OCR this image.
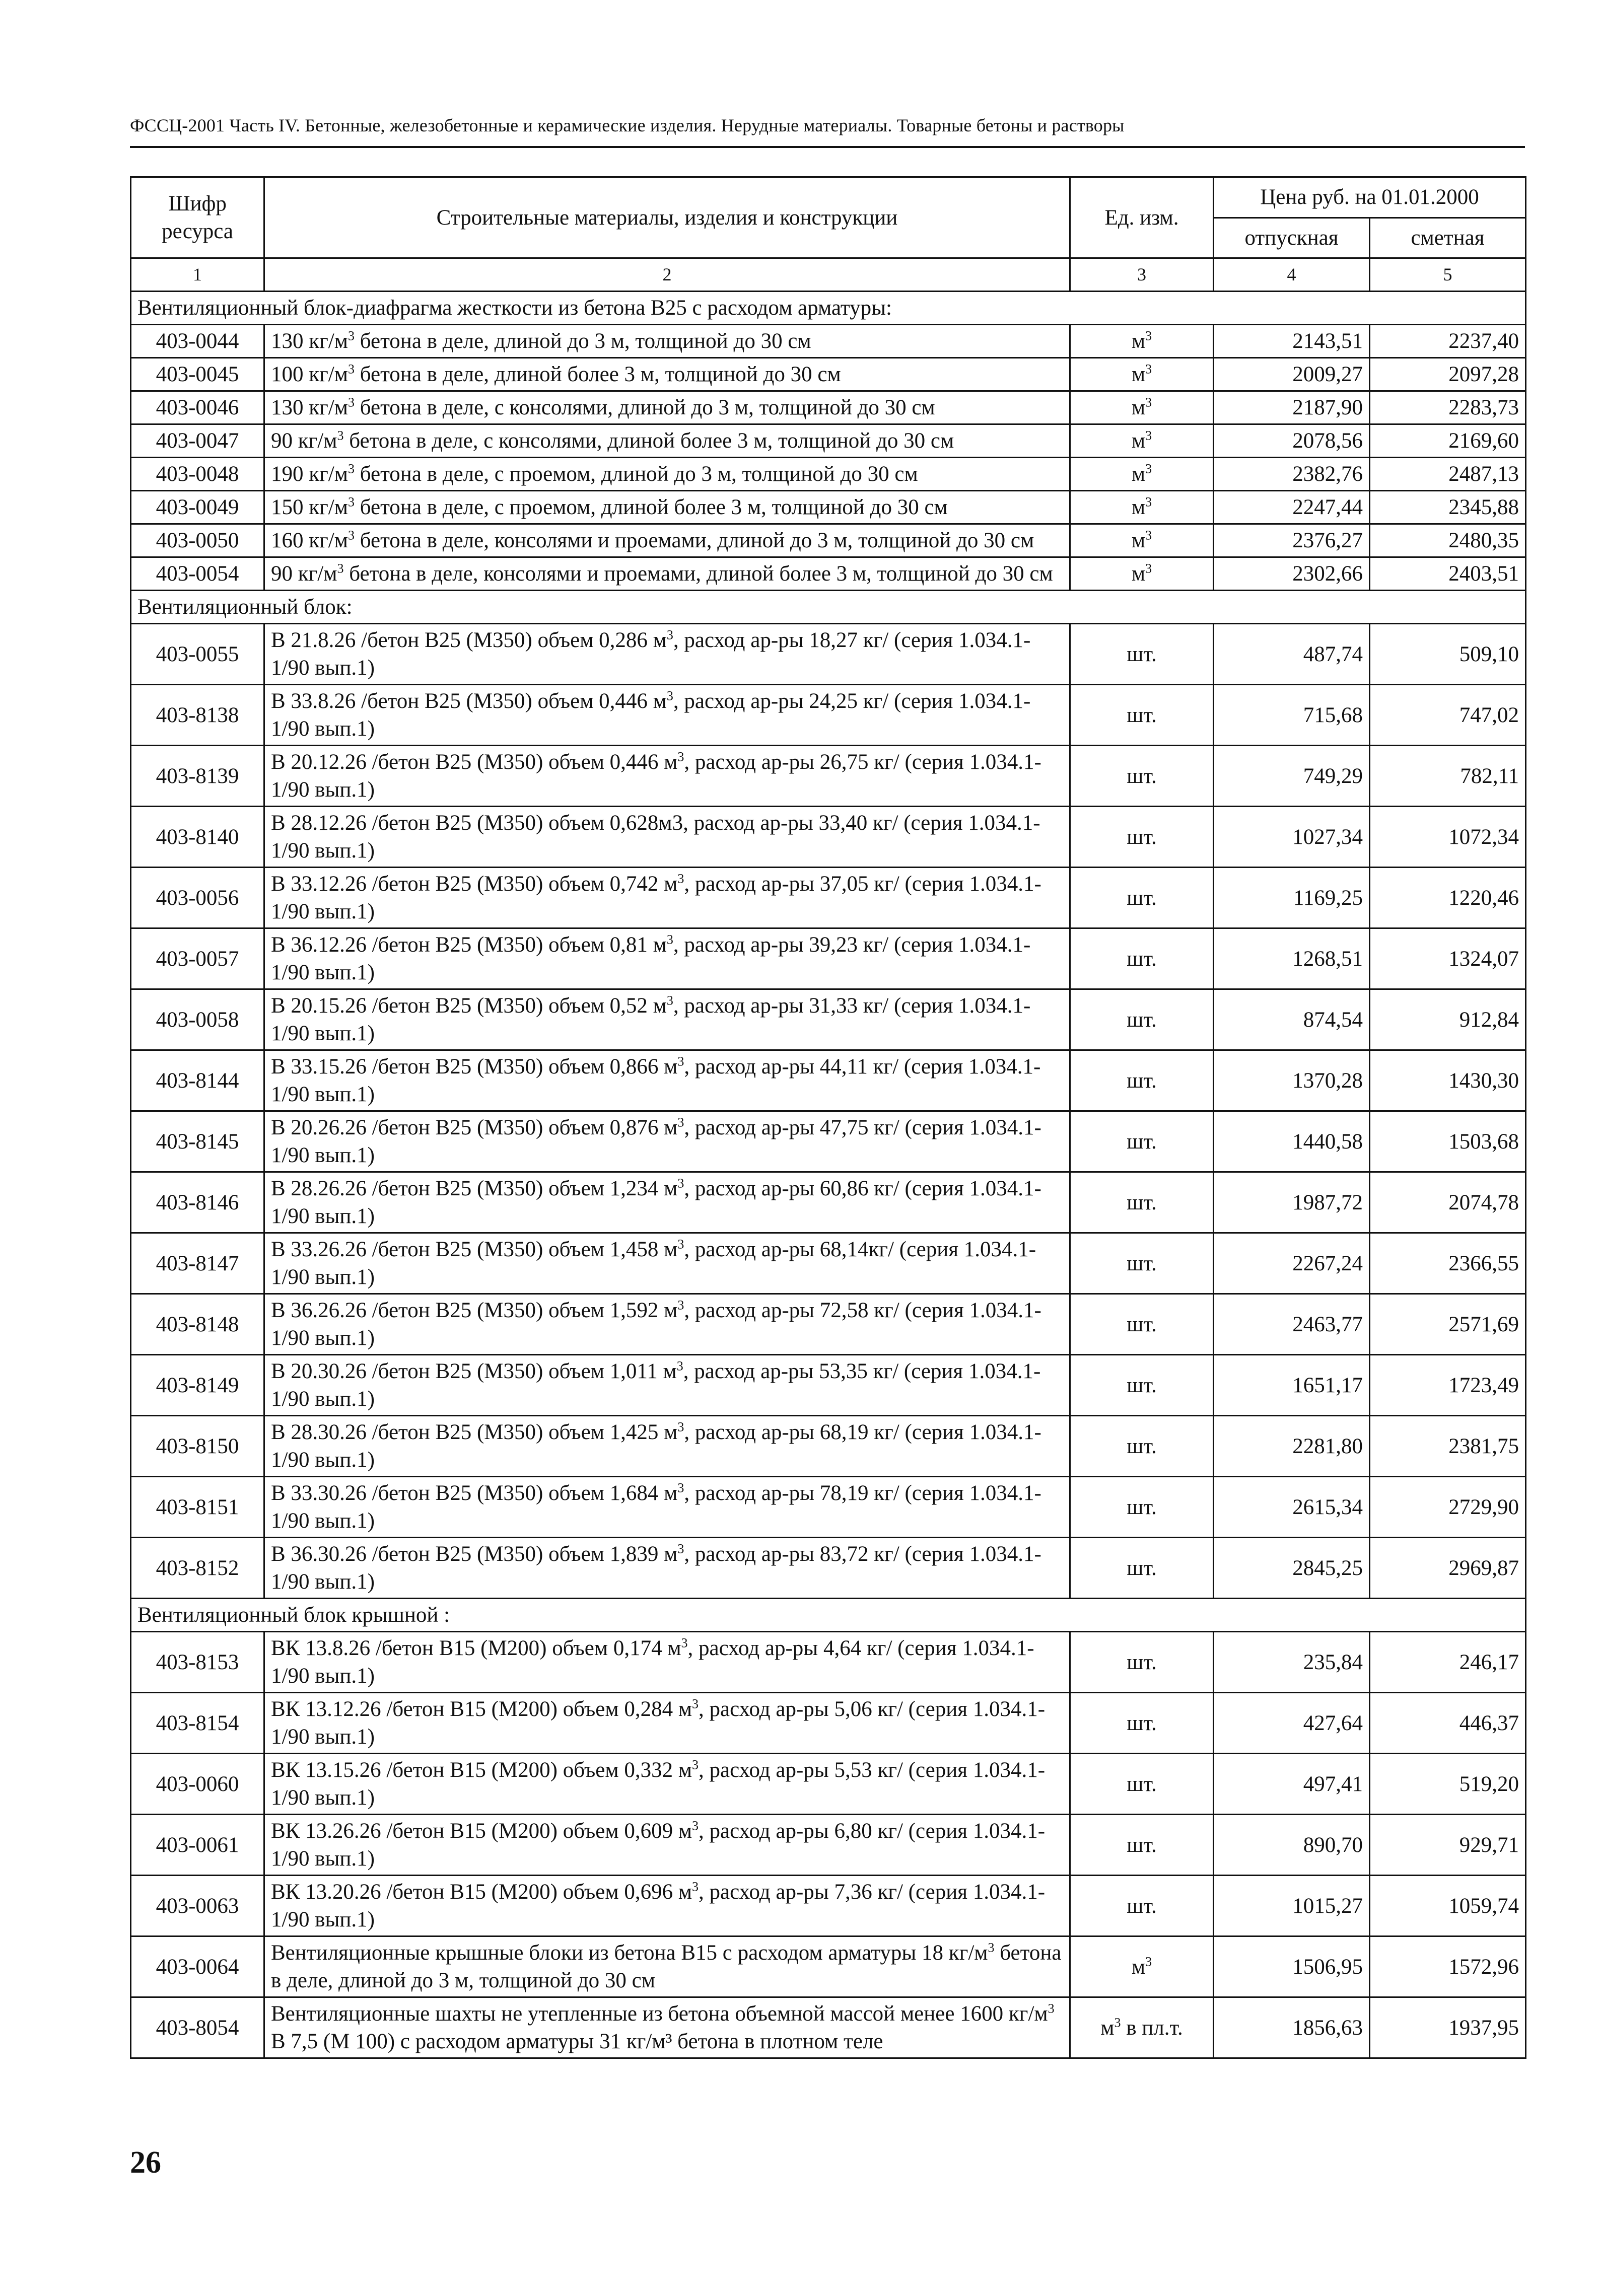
ФССЦ-2001 Часть IV. Бетонные, железобетонные и керамические изделия. Нерудные материалы. Товарные бетоны и растворы
Шифр ресурса	Строительные материалы, изделия и конструкции	Ед. изм.	Цена руб. на 01.01.2000	
			отпускная	сметная
1	2	3	4	5
Вентиляционный блок-диафрагма жесткости из бетона В25 с расходом арматуры:				
403-0044	130 $кг/м^3$ бетона в деле, длиной до 3 м, толщиной до 30 см	$м^3$	2143,51	2237,40
403-0045	100 $кг/м^3$ бетона в деле, длиной более 3 м, толщиной до 30 см	$м^3$	2009,27	2097,28
403-0046	130 $кг/м^3$ бетона в деле, с консолями, длиной до 3 м, толщиной до 30 см	$м^3$	2187,90	2283,73
403-0047	90 $кг/м^3$ бетона в деле, с консолями, длиной более 3 м, толщиной до 30 см	$м^3$	2078,56	2169,60
403-0048	190 $кг/м^3$ бетона в деле, с проемом, длиной до 3 м, толщиной до 30 см	$м^3$	2382,76	2487,13
403-0049	150 $кг/м^3$ бетона в деле, с проемом, длиной более 3 м, толщиной до 30 см	$м^3$	2247,44	2345,88
403-0050	160 $кг/м^3$ бетона в деле, консолями и проемами, длиной до 3 м, толщиной до 30 см	$м^3$	2376,27	2480,35
403-0054	90 $кг/м^3$ бетона в деле, консолями и проемами, длиной более 3 м, толщиной до 30 см	$м^3$	2302,66	2403,51
Вентиляционный блок:				
403-0055	В 21.8.26 /бетон В25 (М350) объем 0,286 $м^3$, расход ар-ры 18,27 кг/ (серия 1.034.1-1/90 вып.1)	шт.	487,74	509,10
403-8138	В 33.8.26 /бетон В25 (М350) объем 0,446 $м^3$, расход ар-ры 24,25 кг/ (серия 1.034.1-1/90 вып.1)	шт.	715,68	747,02
403-8139	В 20.12.26 /бетон В25 (М350) объем 0,446 $м^3$, расход ар-ры 26,75 кг/ (серия 1.034.1-1/90 вып.1)	шт.	749,29	782,11
403-8140	В 28.12.26 /бетон В25 (М350) объем 0,628м3, расход ар-ры 33,40 кг/ (серия 1.034.1-1/90 вып.1)	шт.	1027,34	1072,34
403-0056	В 33.12.26 /бетон В25 (М350) объем 0,742 $м^3$, расход ар-ры 37,05 кг/ (серия 1.034.1-1/90 вып.1)	шт.	1169,25	1220,46
403-0057	В 36.12.26 /бетон В25 (М350) объем 0,81 $м^3$, расход ар-ры 39,23 кг/ (серия 1.034.1-1/90 вып.1)	шт.	1268,51	1324,07
403-0058	В 20.15.26 /бетон В25 (М350) объем 0,52 $м^3$, расход ар-ры 31,33 кг/ (серия 1.034.1-1/90 вып.1)	шт.	874,54	912,84
403-8144	В 33.15.26 /бетон В25 (М350) объем 0,866 $м^3$, расход ар-ры 44,11 кг/ (серия 1.034.1-1/90 вып.1)	шт.	1370,28	1430,30
403-8145	В 20.26.26 /бетон В25 (М350) объем 0,876 $м^3$, расход ар-ры 47,75 кг/ (серия 1.034.1-1/90 вып.1)	шт.	1440,58	1503,68
403-8146	В 28.26.26 /бетон В25 (М350) объем 1,234 $м^3$, расход ар-ры 60,86 кг/ (серия 1.034.1-1/90 вып.1)	шт.	1987,72	2074,78
403-8147	В 33.26.26 /бетон В25 (М350) объем 1,458 $м^3$, расход ар-ры 68,14кг/ (серия 1.034.1-1/90 вып.1)	шт.	2267,24	2366,55
403-8148	В 36.26.26 /бетон В25 (М350) объем 1,592 $м^3$, расход ар-ры 72,58 кг/ (серия 1.034.1-1/90 вып.1)	шт.	2463,77	2571,69
403-8149	В 20.30.26 /бетон В25 (М350) объем 1,011 $м^3$, расход ар-ры 53,35 кг/ (серия 1.034.1-1/90 вып.1)	шт.	1651,17	1723,49
403-8150	В 28.30.26 /бетон В25 (М350) объем 1,425 $м^3$, расход ар-ры 68,19 кг/ (серия 1.034.1-1/90 вып.1)	шт.	2281,80	2381,75
403-8151	В 33.30.26 /бетон В25 (М350) объем 1,684 $м^3$, расход ар-ры 78,19 кг/ (серия 1.034.1-1/90 вып.1)	шт.	2615,34	2729,90
403-8152	В 36.30.26 /бетон В25 (М350) объем 1,839 $м^3$, расход ар-ры 83,72 кг/ (серия 1.034.1-1/90 вып.1)	шт.	2845,25	2969,87
Вентиляционный блок крышной :				
403-8153	ВК 13.8.26 /бетон В15 (М200) объем 0,174 $м^3$, расход ар-ры 4,64 кг/ (серия 1.034.1-1/90 вып.1)	шт.	235,84	246,17
403-8154	ВК 13.12.26 /бетон В15 (М200) объем 0,284 $м^3$, расход ар-ры 5,06 кг/ (серия 1.034.1-1/90 вып.1)	шт.	427,64	446,37
403-0060	ВК 13.15.26 /бетон В15 (М200) объем 0,332 $м^3$, расход ар-ры 5,53 кг/ (серия 1.034.1-1/90 вып.1)	шт.	497,41	519,20
403-0061	ВК 13.26.26 /бетон В15 (М200) объем 0,609 $м^3$, расход ар-ры 6,80 кг/ (серия 1.034.1-1/90 вып.1)	шт.	890,70	929,71
403-0063	ВК 13.20.26 /бетон В15 (М200) объем 0,696 $м^3$, расход ар-ры 7,36 кг/ (серия 1.034.1-1/90 вып.1)	шт.	1015,27	1059,74
403-0064	Вентиляционные крышные блоки из бетона В15 с расходом арматуры 18 $кг/м^3$ бетона в деле, длиной до 3 м, толщиной до 30 см	$м^3$	1506,95	1572,96
403-8054	Вентиляционные шахты не утепленные из бетона объемной массой менее 1600 $кг/м^3$ В 7,5 (М 100) с расходом арматуры 31 кг/м³ бетона в плотном теле	$м^3$ в пл.т.	1856,63	1937,95
26
